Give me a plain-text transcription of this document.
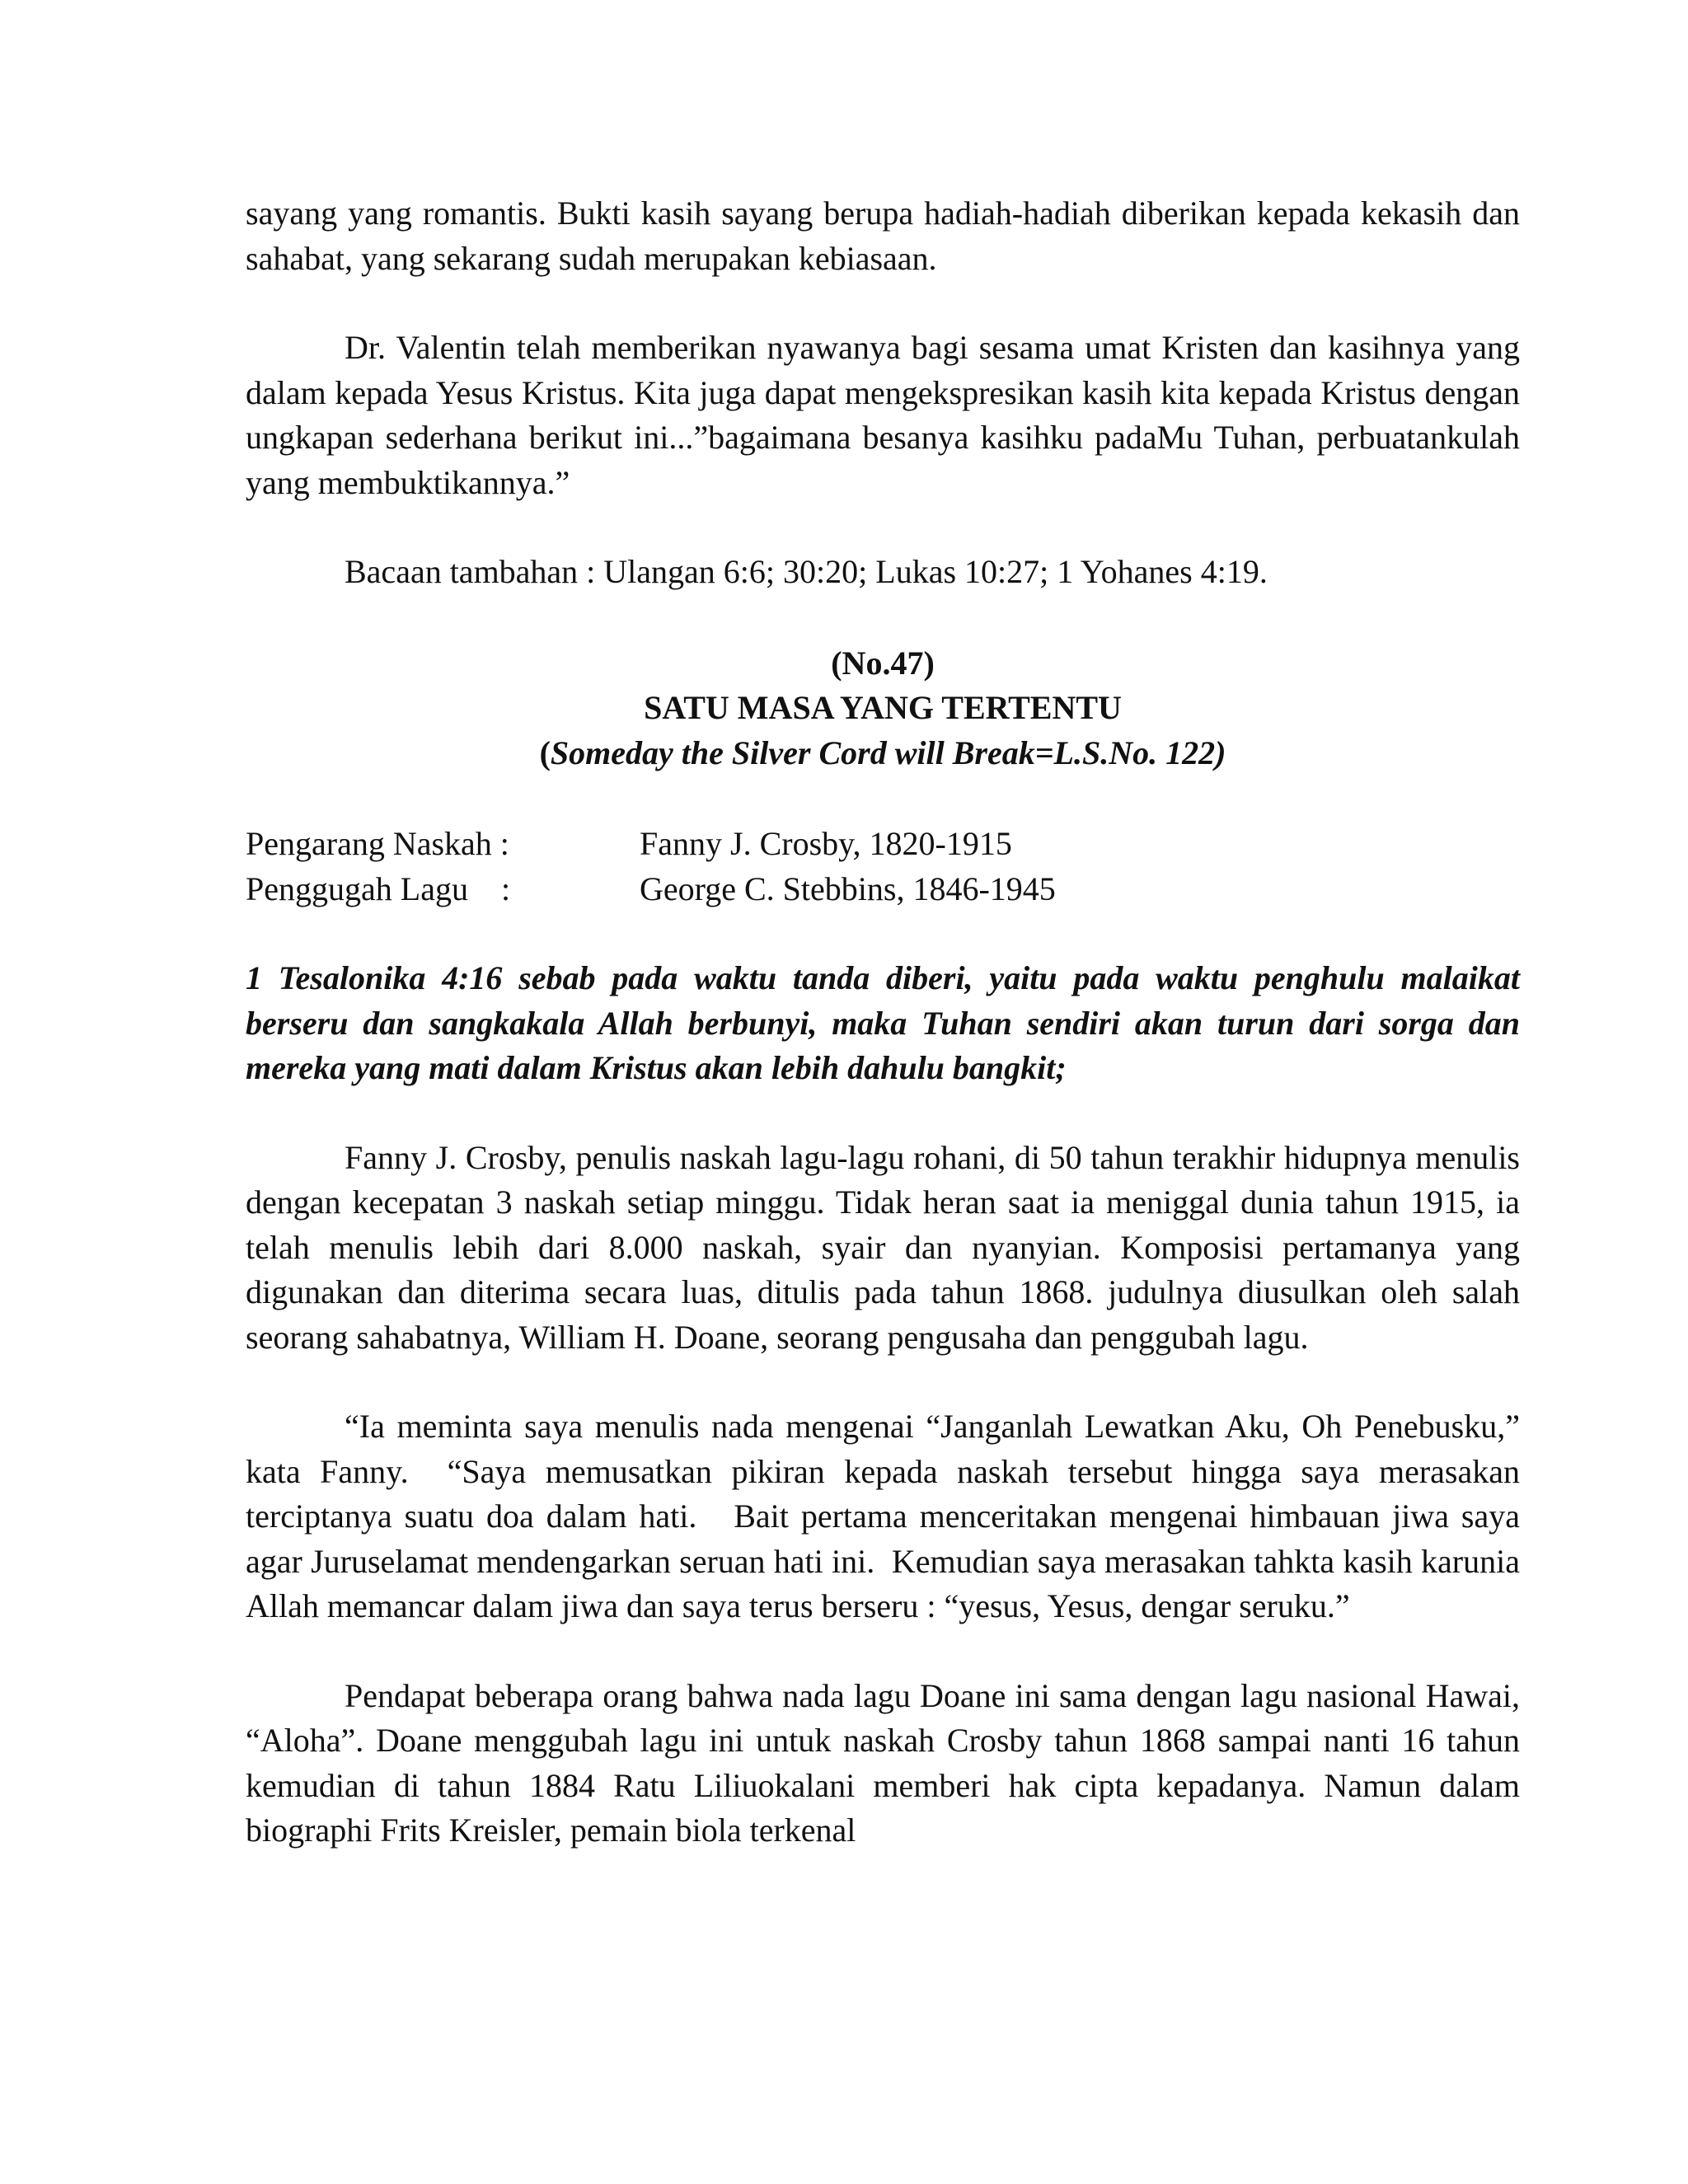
sayang yang romantis. Bukti kasih sayang berupa hadiah-hadiah diberikan kepada kekasih dan sahabat, yang sekarang sudah merupakan kebiasaan.

Dr. Valentin telah memberikan nyawanya bagi sesama umat Kristen dan kasihnya yang dalam kepada Yesus Kristus. Kita juga dapat mengekspresikan kasih kita kepada Kristus dengan ungkapan sederhana berikut ini...”bagaimana besanya kasihku padaMu Tuhan, perbuatankulah yang membuktikannya.”

Bacaan tambahan : Ulangan 6:6; 30:20; Lukas 10:27; 1 Yohanes 4:19.

(No.47)

SATU MASA YANG TERTENTU

(Someday the Silver Cord will Break=L.S.No. 122)

Pengarang Naskah :	Fanny J. Crosby, 1820-1915
Penggugah Lagu    :	George C. Stebbins, 1846-1945

1 Tesalonika 4:16 sebab pada waktu tanda diberi, yaitu pada waktu penghulu malaikat berseru dan sangkakala Allah berbunyi, maka Tuhan sendiri akan turun dari sorga dan mereka yang mati dalam Kristus akan lebih dahulu bangkit;

Fanny J. Crosby, penulis naskah lagu-lagu rohani, di 50 tahun terakhir hidupnya menulis dengan kecepatan 3 naskah setiap minggu. Tidak heran saat ia meniggal dunia tahun 1915, ia telah menulis lebih dari 8.000 naskah, syair dan nyanyian. Komposisi pertamanya yang digunakan dan diterima secara luas, ditulis pada tahun 1868. judulnya diusulkan oleh salah seorang sahabatnya, William H. Doane, seorang pengusaha dan penggubah lagu.

“Ia meminta saya menulis nada mengenai “Janganlah Lewatkan Aku, Oh Penebusku,” kata Fanny.  “Saya memusatkan pikiran kepada naskah tersebut hingga saya merasakan terciptanya suatu doa dalam hati.   Bait pertama menceritakan mengenai himbauan jiwa saya agar Juruselamat mendengarkan seruan hati ini.  Kemudian saya merasakan tahkta kasih karunia Allah memancar dalam jiwa dan saya terus berseru : “yesus, Yesus, dengar seruku.”

Pendapat beberapa orang bahwa nada lagu Doane ini sama dengan lagu nasional Hawai, “Aloha”. Doane menggubah lagu ini untuk naskah Crosby tahun 1868 sampai nanti 16 tahun kemudian di tahun 1884 Ratu Liliuokalani memberi hak cipta kepadanya. Namun dalam biographi Frits Kreisler, pemain biola terkenal
